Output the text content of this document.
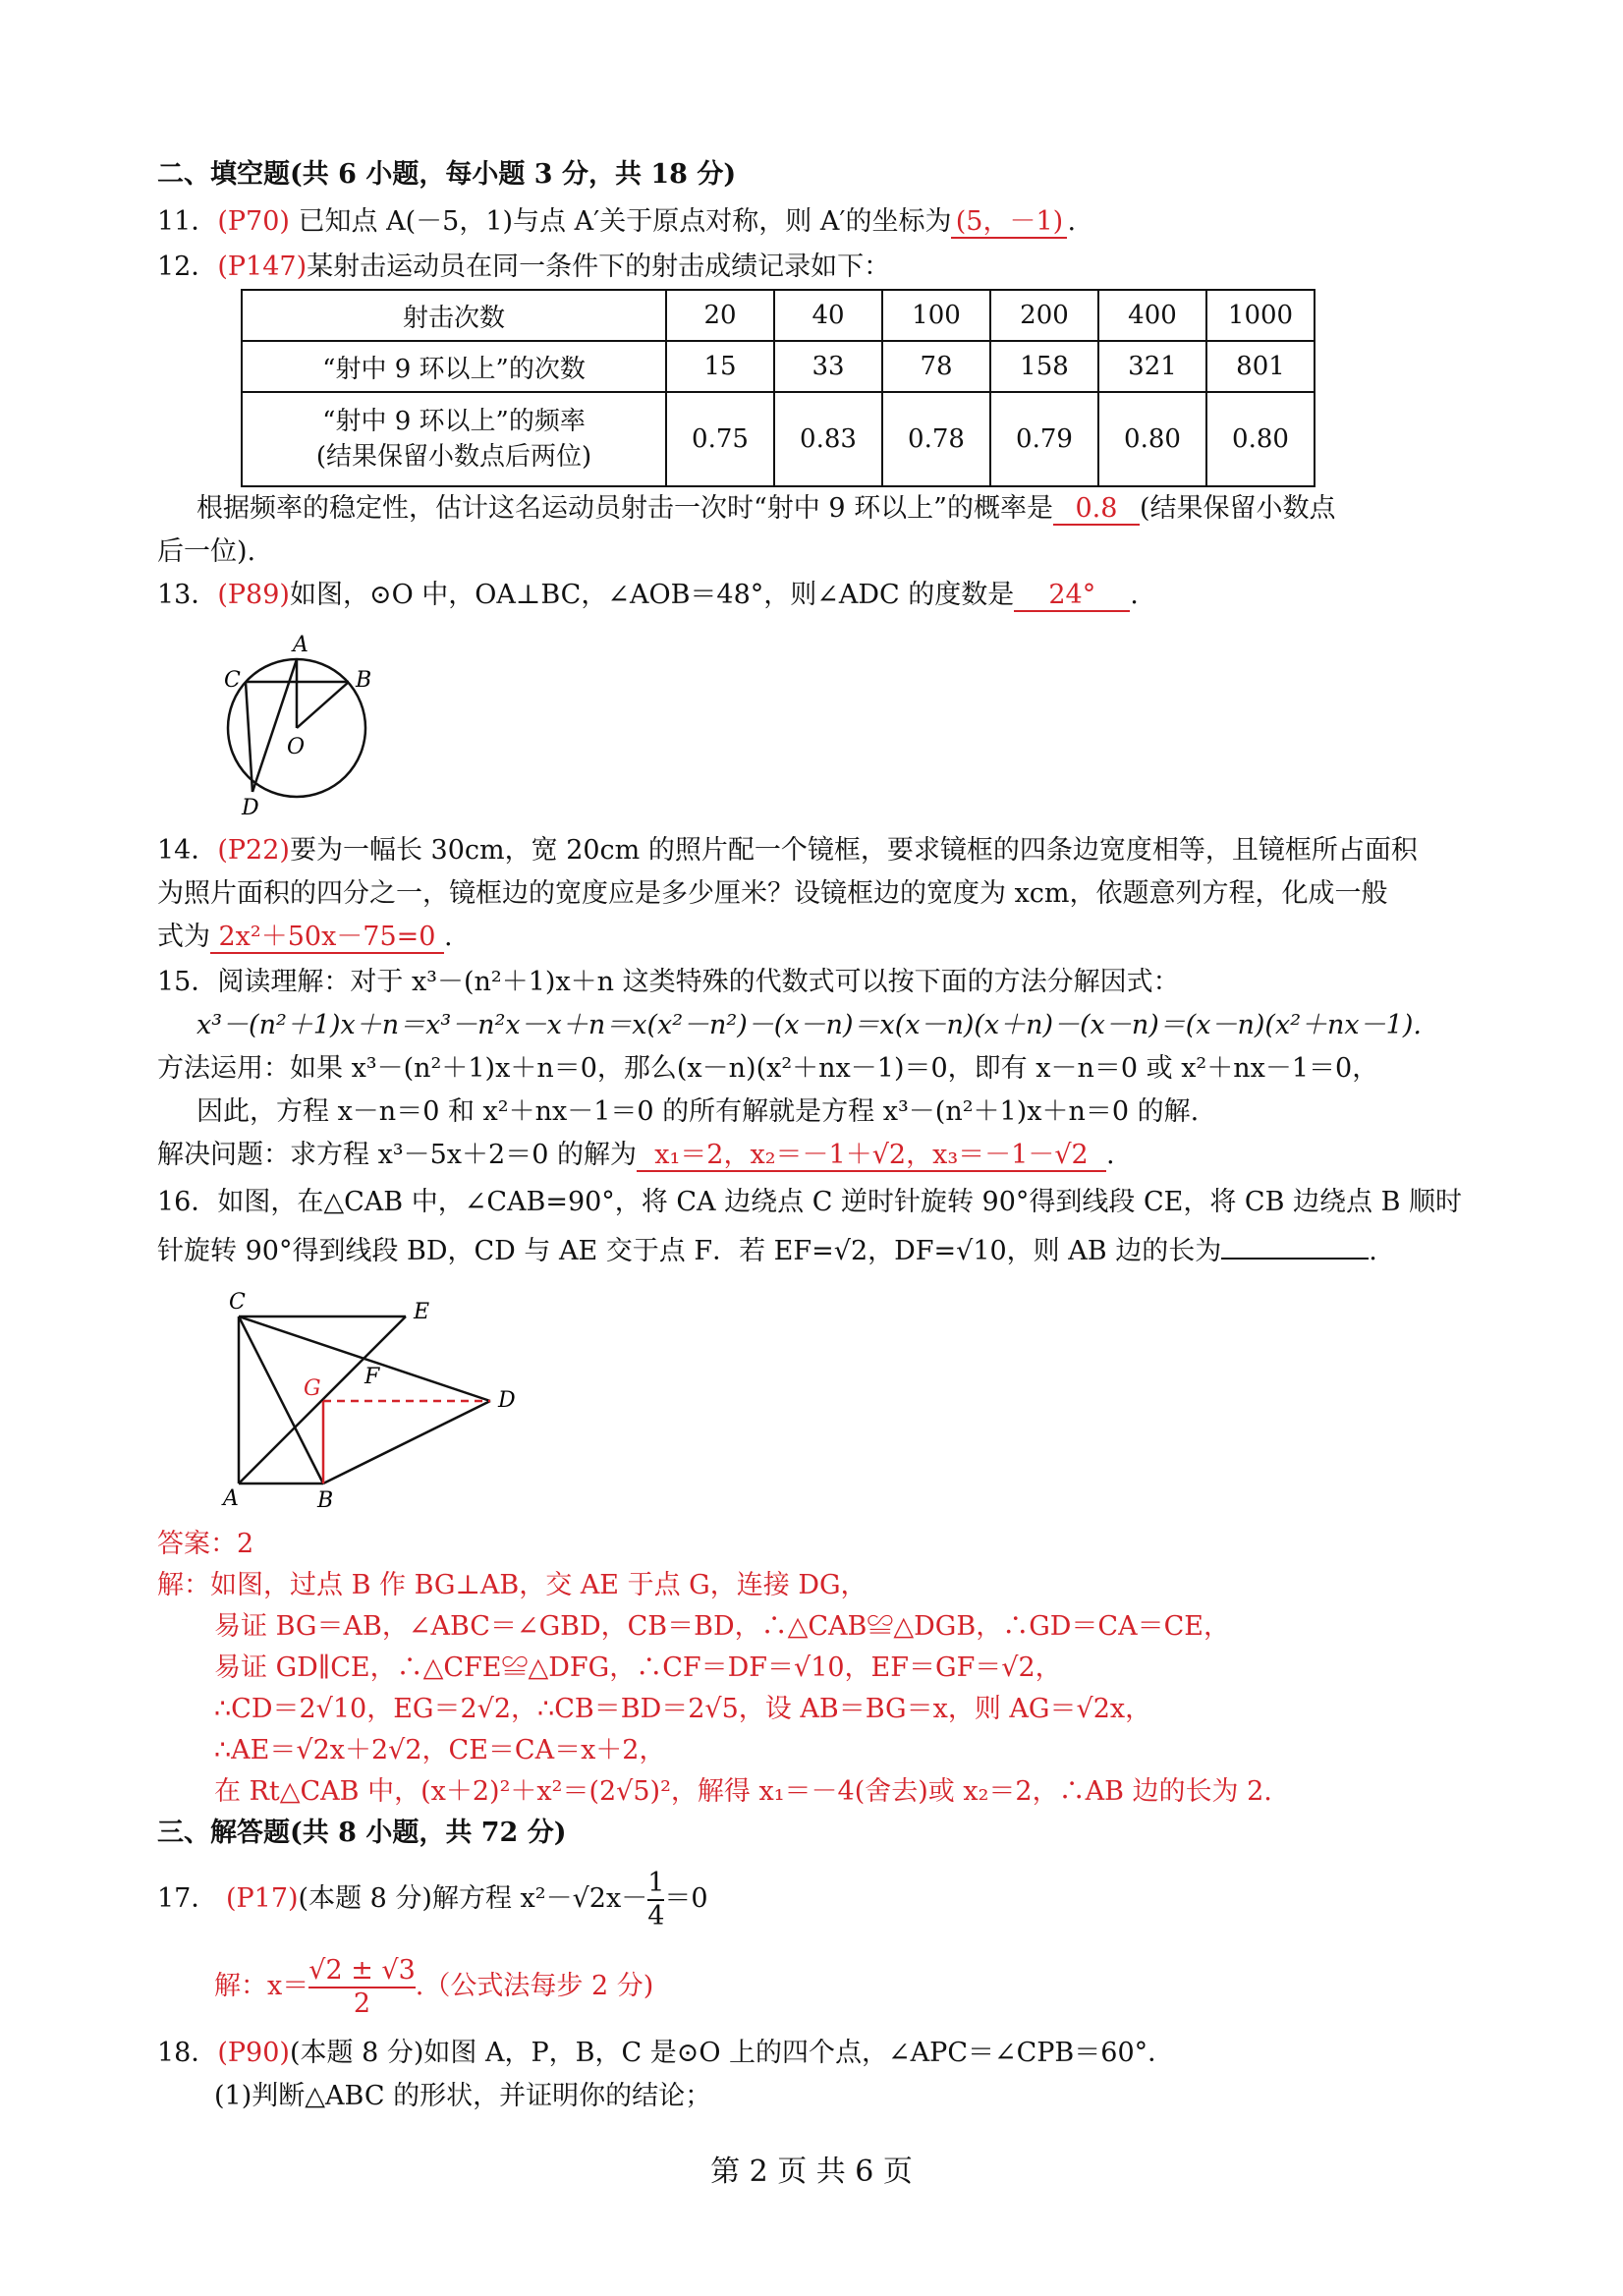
二、填空题(共 6 小题，每小题 3 分，共 18 分)
11．(P70) 已知点 A(－5，1)与点 A′关于原点对称，则 A′的坐标为 (5，－1) .
12．(P147)某射击运动员在同一条件下的射击成绩记录如下：
射击次数	20	40	100	200	400	1000
“射中 9 环以上”的次数	15	33	78	158	321	801

“射中 9 环以上”的频率
(结果保留小数点后两位)	0.75	0.83	0.78	0.79	0.80	0.80
根据频率的稳定性，估计这名运动员射击一次时“射中 9 环以上”的概率是 0.8 (结果保留小数点
后一位).
13．(P89)如图，⊙O 中，OA⊥BC，∠AOB＝48°，则∠ADC 的度数是 24° .
A
B
C
D
O
14．(P22)要为一幅长 30cm，宽 20cm 的照片配一个镜框，要求镜框的四条边宽度相等，且镜框所占面积
为照片面积的四分之一，镜框边的宽度应是多少厘米？设镜框边的宽度为 xcm，依题意列方程，化成一般
式为 2x²＋50x－75=0 .
15．阅读理解：对于 x³－(n²＋1)x＋n 这类特殊的代数式可以按下面的方法分解因式：
x³－(n²＋1)x＋n＝x³－n²x－x＋n＝x(x²－n²)－(x－n)＝x(x－n)(x＋n)－(x－n)＝(x－n)(x²＋nx－1).
方法运用：如果 x³－(n²＋1)x＋n＝0，那么(x－n)(x²＋nx－1)＝0，即有 x－n＝0 或 x²＋nx－1＝0，
因此，方程 x－n＝0 和 x²＋nx－1＝0 的所有解就是方程 x³－(n²＋1)x＋n＝0 的解.
解决问题：求方程 x³－5x＋2＝0 的解为 x₁＝2，x₂＝－1＋√2，x₃＝－1－√2 .
16．如图，在△CAB 中，∠CAB=90°，将 CA 边绕点 C 逆时针旋转 90°得到线段 CE，将 CB 边绕点 B 顺时
针旋转 90°得到线段 BD，CD 与 AE 交于点 F．若 EF=√2，DF=√10，则 AB 边的长为	.
C	E
D
F
G
A	B
答案：2
解：如图，过点 B 作 BG⊥AB，交 AE 于点 G，连接 DG，
易证 BG＝AB，∠ABC＝∠GBD，CB＝BD，∴△CAB≌△DGB，∴GD＝CA＝CE，
易证 GD∥CE，∴△CFE≌△DFG，∴CF＝DF＝√10，EF＝GF＝√2，
∴CD＝2√10，EG＝2√2，∴CB＝BD＝2√5，设 AB＝BG＝x，则 AG＝√2x，
∴AE＝√2x＋2√2，CE＝CA＝x＋2，
在 Rt△CAB 中，(x＋2)²＋x²＝(2√5)²，解得 x₁＝－4(舍去)或 x₂＝2，∴AB 边的长为 2.
三、解答题(共 8 小题，共 72 分)
17． (P17)(本题 8 分)解方程 $x^2-√2x- \frac{1}{4} =0$
解：$x= \frac{√2 \pm √3}{2}$ .（公式法每步 2 分)
18．(P90)(本题 8 分)如图 A，P，B，C 是⊙O 上的四个点，∠APC＝∠CPB＝60°．
(1)判断△ABC 的形状，并证明你的结论；
第 2 页 共 6 页
